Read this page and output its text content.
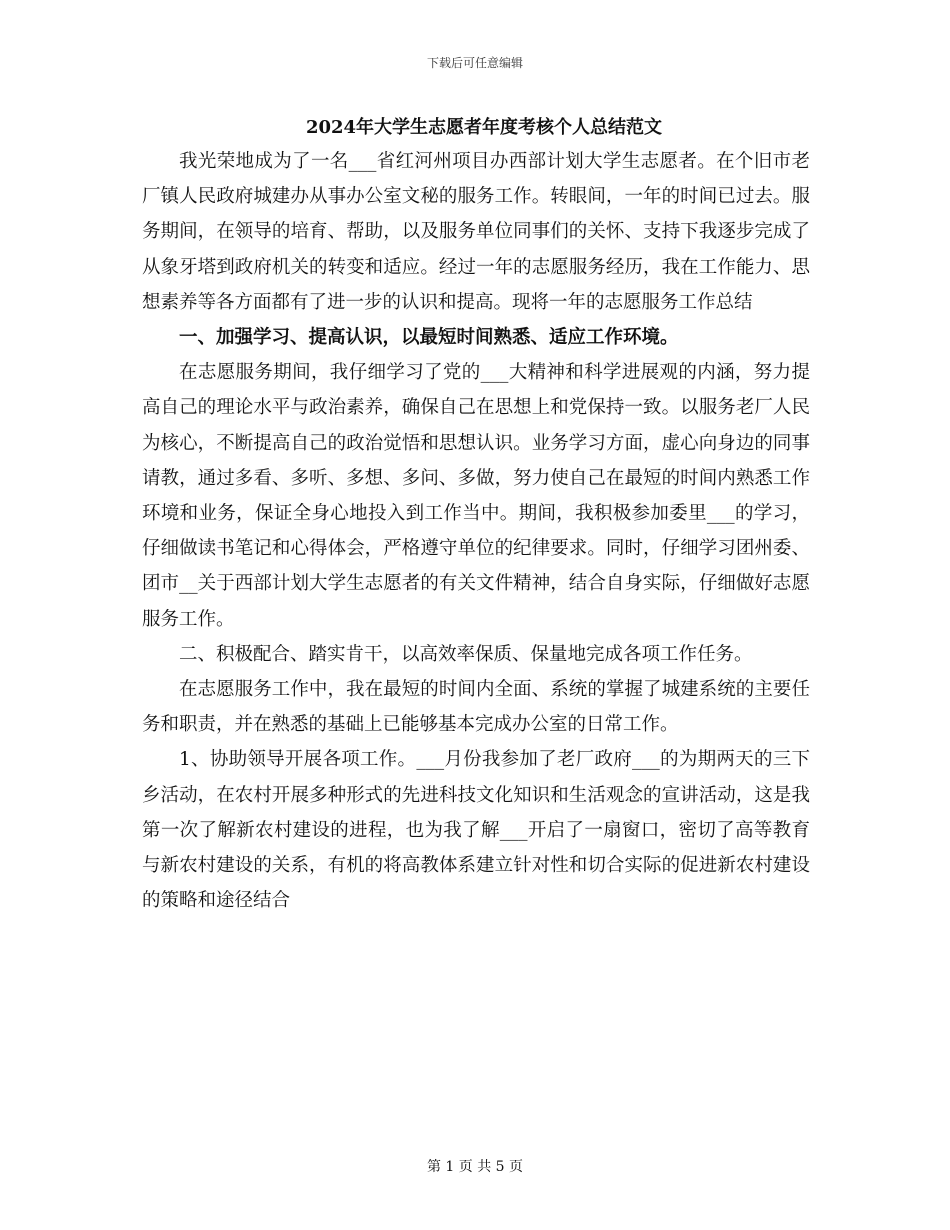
下载后可任意编辑
2024年大学生志愿者年度考核个人总结范文

我光荣地成为了一名___省红河州项目办西部计划大学生志愿者。在个旧市老厂镇人民政府城建办从事办公室文秘的服务工作。转眼间，一年的时间已过去。服务期间，在领导的培育、帮助，以及服务单位同事们的关怀、支持下我逐步完成了从象牙塔到政府机关的转变和适应。经过一年的志愿服务经历，我在工作能力、思想素养等各方面都有了进一步的认识和提高。现将一年的志愿服务工作总结

一、加强学习、提高认识，以最短时间熟悉、适应工作环境。

在志愿服务期间，我仔细学习了党的___大精神和科学进展观的内涵，努力提高自己的理论水平与政治素养，确保自己在思想上和党保持一致。以服务老厂人民为核心，不断提高自己的政治觉悟和思想认识。业务学习方面，虚心向身边的同事请教，通过多看、多听、多想、多问、多做，努力使自己在最短的时间内熟悉工作环境和业务，保证全身心地投入到工作当中。期间，我积极参加委里___的学习，仔细做读书笔记和心得体会，严格遵守单位的纪律要求。同时，仔细学习团州委、团市__关于西部计划大学生志愿者的有关文件精神，结合自身实际，仔细做好志愿服务工作。

二、积极配合、踏实肯干，以高效率保质、保量地完成各项工作任务。

在志愿服务工作中，我在最短的时间内全面、系统的掌握了城建系统的主要任务和职责，并在熟悉的基础上已能够基本完成办公室的日常工作。

1、协助领导开展各项工作。___月份我参加了老厂政府___的为期两天的三下乡活动，在农村开展多种形式的先进科技文化知识和生活观念的宣讲活动，这是我第一次了解新农村建设的进程，也为我了解___开启了一扇窗口，密切了高等教育与新农村建设的关系，有机的将高教体系建立针对性和切合实际的促进新农村建设的策略和途径结合

第 1 页 共 5 页
